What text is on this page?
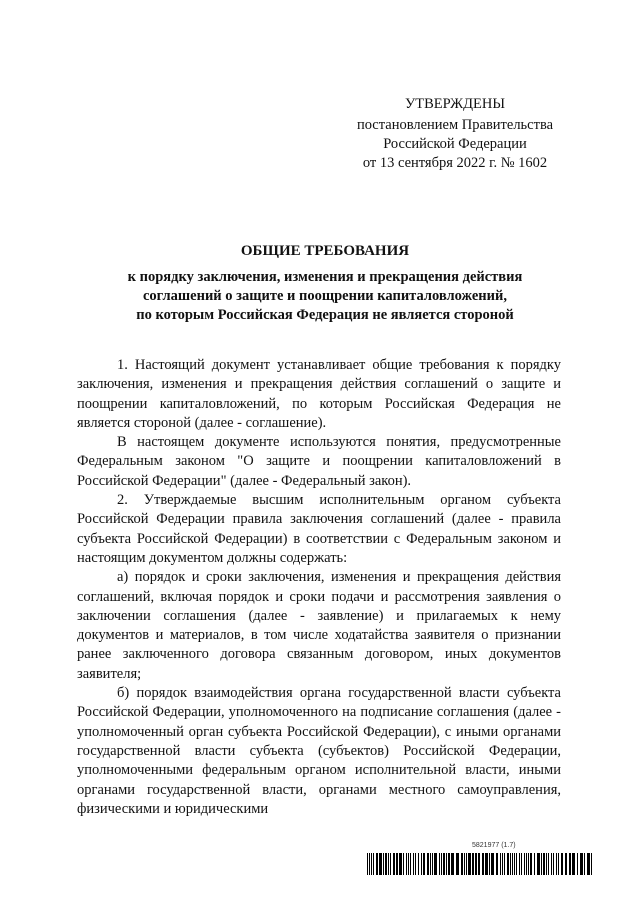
УТВЕРЖДЕНЫ
постановлением Правительства
Российской Федерации
от 13 сентября 2022 г. № 1602
ОБЩИЕ ТРЕБОВАНИЯ
к порядку заключения, изменения и прекращения действия
соглашений о защите и поощрении капиталовложений,
по которым Российская Федерация не является стороной

1. Настоящий документ устанавливает общие требования к порядку заключения, изменения и прекращения действия соглашений о защите и поощрении капиталовложений, по которым Российская Федерация не является стороной (далее - соглашение).

В настоящем документе используются понятия, предусмотренные Федеральным законом "О защите и поощрении капиталовложений в Российской Федерации" (далее - Федеральный закон).

2. Утверждаемые высшим исполнительным органом субъекта Российской Федерации правила заключения соглашений (далее - правила субъекта Российской Федерации) в соответствии с Федеральным законом и настоящим документом должны содержать:

а) порядок и сроки заключения, изменения и прекращения действия соглашений, включая порядок и сроки подачи и рассмотрения заявления о заключении соглашения (далее - заявление) и прилагаемых к нему документов и материалов, в том числе ходатайства заявителя о признании ранее заключенного договора связанным договором, иных документов заявителя;

б) порядок взаимодействия органа государственной власти субъекта Российской Федерации, уполномоченного на подписание соглашения (далее - уполномоченный орган субъекта Российской Федерации), с иными органами государственной власти субъекта (субъектов) Российской Федерации, уполномоченными федеральным органом исполнительной власти, иными органами государственной власти, органами местного самоуправления, физическими и юридическими

5821977 (1.7)
